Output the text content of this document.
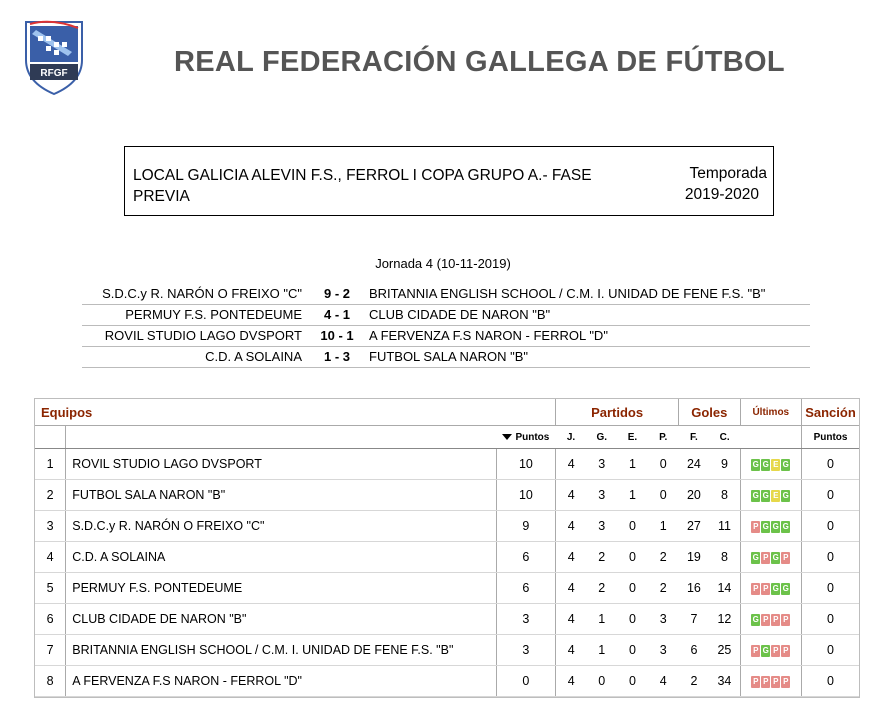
RFGF	REAL FEDERACIÓN GALLEGA DE FÚTBOL
LOCAL GALICIA ALEVIN F.S., FERROL I COPA GRUPO A.- FASE PREVIA
Temporada
2019-2020
Jornada 4 (10-11-2019)
S.D.C.y R. NARÓN O FREIXO "C"	9 - 2	BRITANNIA ENGLISH SCHOOL / C.M. I. UNIDAD DE FENE F.S. "B"
PERMUY F.S. PONTEDEUME	4 - 1	CLUB CIDADE DE NARON "B"
ROVIL STUDIO LAGO DVSPORT	10 - 1	A FERVENZA F.S NARON - FERROL "D"
C.D. A SOLAINA	1 - 3	FUTBOL SALA NARON "B"
Equipos			Partidos				Goles		Últimos	Sanción
		Puntos	J.	G.	E.	P.	F.	C.		Puntos
1	ROVIL STUDIO LAGO DVSPORT	10	4	3	1	0	24	9	G G E G	0
2	FUTBOL SALA NARON "B"	10	4	3	1	0	20	8	G G E G	0
3	S.D.C.y R. NARÓN O FREIXO "C"	9	4	3	0	1	27	11	P G G G	0
4	C.D. A SOLAINA	6	4	2	0	2	19	8	G P G P	0
5	PERMUY F.S. PONTEDEUME	6	4	2	0	2	16	14	P P G G	0
6	CLUB CIDADE DE NARON "B"	3	4	1	0	3	7	12	G P P P	0
7	BRITANNIA ENGLISH SCHOOL / C.M. I. UNIDAD DE FENE F.S. "B"	3	4	1	0	3	6	25	P G P P	0
8	A FERVENZA F.S NARON - FERROL "D"	0	4	0	0	4	2	34	P P P P	0
